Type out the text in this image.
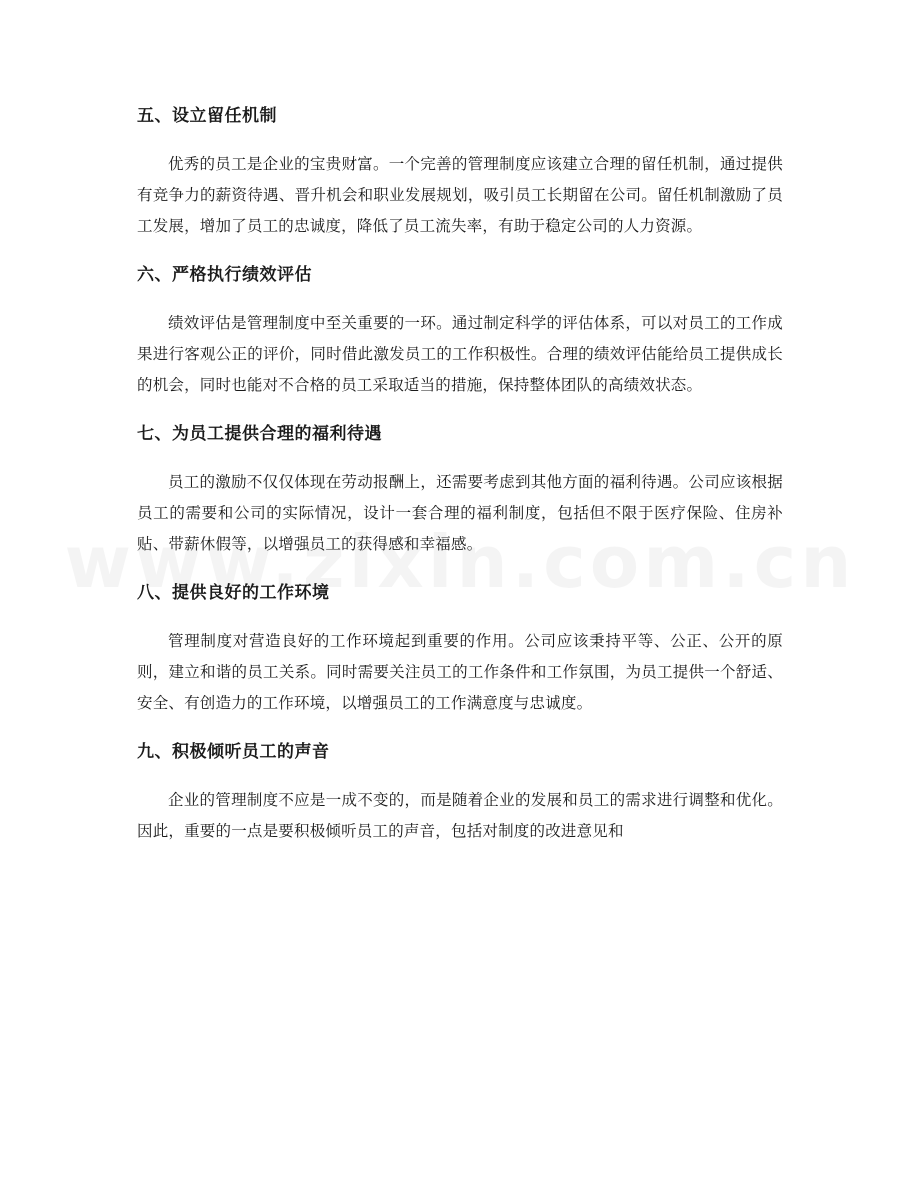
五、设立留任机制
优秀的员工是企业的宝贵财富。一个完善的管理制度应该建立合理的留任机制，通过提供有竞争力的薪资待遇、晋升机会和职业发展规划，吸引员工长期留在公司。留任机制激励了员工发展，增加了员工的忠诚度，降低了员工流失率，有助于稳定公司的人力资源。
六、严格执行绩效评估
绩效评估是管理制度中至关重要的一环。通过制定科学的评估体系，可以对员工的工作成果进行客观公正的评价，同时借此激发员工的工作积极性。合理的绩效评估能给员工提供成长的机会，同时也能对不合格的员工采取适当的措施，保持整体团队的高绩效状态。
七、为员工提供合理的福利待遇
员工的激励不仅仅体现在劳动报酬上，还需要考虑到其他方面的福利待遇。公司应该根据员工的需要和公司的实际情况，设计一套合理的福利制度，包括但不限于医疗保险、住房补贴、带薪休假等，以增强员工的获得感和幸福感。
八、提供良好的工作环境
管理制度对营造良好的工作环境起到重要的作用。公司应该秉持平等、公正、公开的原则，建立和谐的员工关系。同时需要关注员工的工作条件和工作氛围，为员工提供一个舒适、安全、有创造力的工作环境，以增强员工的工作满意度与忠诚度。
九、积极倾听员工的声音
企业的管理制度不应是一成不变的，而是随着企业的发展和员工的需求进行调整和优化。因此，重要的一点是要积极倾听员工的声音，包括对制度的改进意见和
